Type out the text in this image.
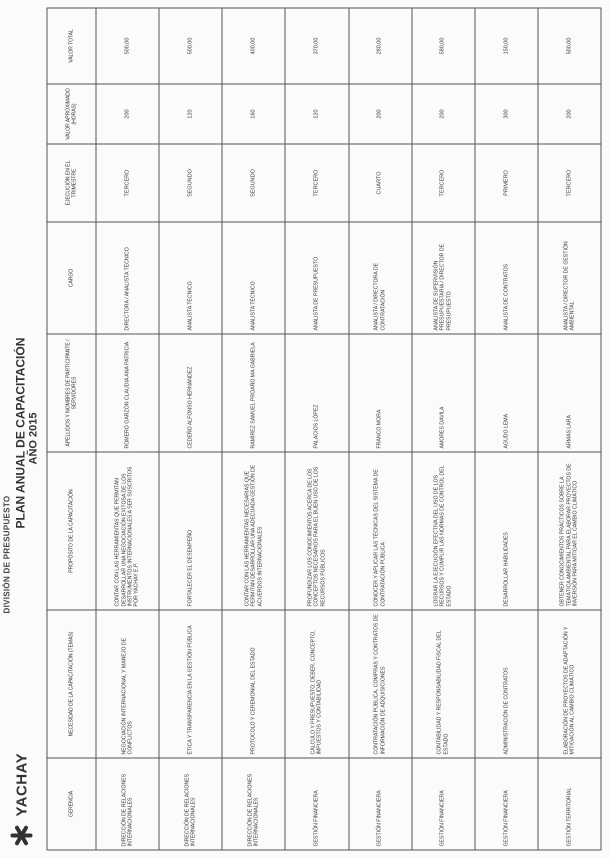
YACHAY
DIVISIÓN DE PRESUPUESTO
PLAN ANUAL DE CAPACITACIÓN AÑO 2015
GERENCIA	NECESIDAD DE LA CAPACITACIÓN (TEMAS)	PROPÓSITO DE LA CAPACITACIÓN	APELLIDOS Y NOMBRES DE PARTICIPANTE / SERVIDORES	CARGO	EJECUCIÓN EN EL TRIMESTRE	VALOR APROXIMADO (HORAS)	VALOR TOTAL
DIRECCIÓN DE RELACIONES INTERNACIONALES	NEGOCIACIÓN INTERNACIONAL Y MANEJO DE CONFLICTOS	CONTAR CON LAS HERRAMIENTAS QUE PERMITAN DESARROLLAR UNA NEGOCIACIÓN EXITOSA DE LOS INSTRUMENTOS INTERNACIONALES A SER SUSCRITOS POR YACHAY E.P.	ROMERO GARZÓN CLAUDIA ANA PATRICIA	DIRECTORA / ANALISTA TÉCNICO	TERCERO	200	500,00
DIRECCIÓN DE RELACIONES INTERNACIONALES	ÉTICA Y TRANSPARENCIA EN LA GESTIÓN PÚBLICA	FORTALECER EL DESEMPEÑO	CEDEÑO ALFONSO HERNÁNDEZ	ANALISTA TÉCNICO	SEGUNDO	120	500,00
DIRECCIÓN DE RELACIONES INTERNACIONALES	PROTOCOLO Y CEREMONIAL DEL ESTADO	CONTAR CON LAS HERRAMIENTAS NECESARIAS QUE PERMITAN DESARROLLAR UNA ADECUADA GESTIÓN DE ACUERDOS INTERNACIONALES	RAMÍREZ SAMUEL PROAÑO MA GABRIELA	ANALISTA TÉCNICO	SEGUNDO	160	400,00
GESTIÓN FINANCIERA	CÁLCULO Y PRESUPUESTO, DEBER, CONCEPTO, IMPUESTOS Y CONTABILIDAD	PROFUNDIZAR LOS CONOCIMIENTOS ACERCA DE LOS CONCEPTOS NECESARIOS PARA EL BUEN USO DE LOS RECURSOS PÚBLICOS	PALACIOS LÓPEZ	ANALISTA DE PRESUPUESTO	TERCERO	120	370,00
GESTIÓN FINANCIERA	CONTRATACIÓN PÚBLICA, COMPRAS Y CONTRATOS DE INFORMACIÓN DE ADQUISICIONES	CONOCER Y APLICAR LAS TÉCNICAS DEL SISTEMA DE CONTRATACIÓN PÚBLICA	FRANCO MORA	ANALISTA / DIRECTORA DE CONTRATACIÓN	CUARTO	200	280,00
GESTIÓN FINANCIERA	CONTABILIDAD Y RESPONSABILIDAD FISCAL DEL ESTADO	LOGRAR LA EJECUCIÓN EFECTIVA DEL USO DE LOS RECURSOS Y CUMPLIR LAS NORMAS DE CONTROL DEL ESTADO	AMORES DAVILA	ANALISTA DE SUPERVISIÓN PRESUPUESTARIA / DIRECTOR DE PRESUPUESTO	TERCERO	200	580,00
GESTIÓN FINANCIERA	ADMINISTRACIÓN DE CONTRATOS	DESARROLLAR HABILIDADES	AGUDO LEMA	ANALISTA DE CONTRATOS	PRIMERO	300	150,00
GESTIÓN TERRITORIAL	ELABORACIÓN DE PROYECTOS DE ADAPTACIÓN Y MITIGACIÓN AL CAMBIO CLIMÁTICO	OBTENER CONOCIMIENTOS PRÁCTICOS SOBRE LA TEMÁTICA AMBIENTAL PARA ELABORAR PROYECTOS DE INVERSIÓN PARA MITIGAR EL CAMBIO CLIMÁTICO	ARMAS LARA	ANALISTA / DIRECTOR DE GESTIÓN AMBIENTAL	TERCERO	200	500,00
